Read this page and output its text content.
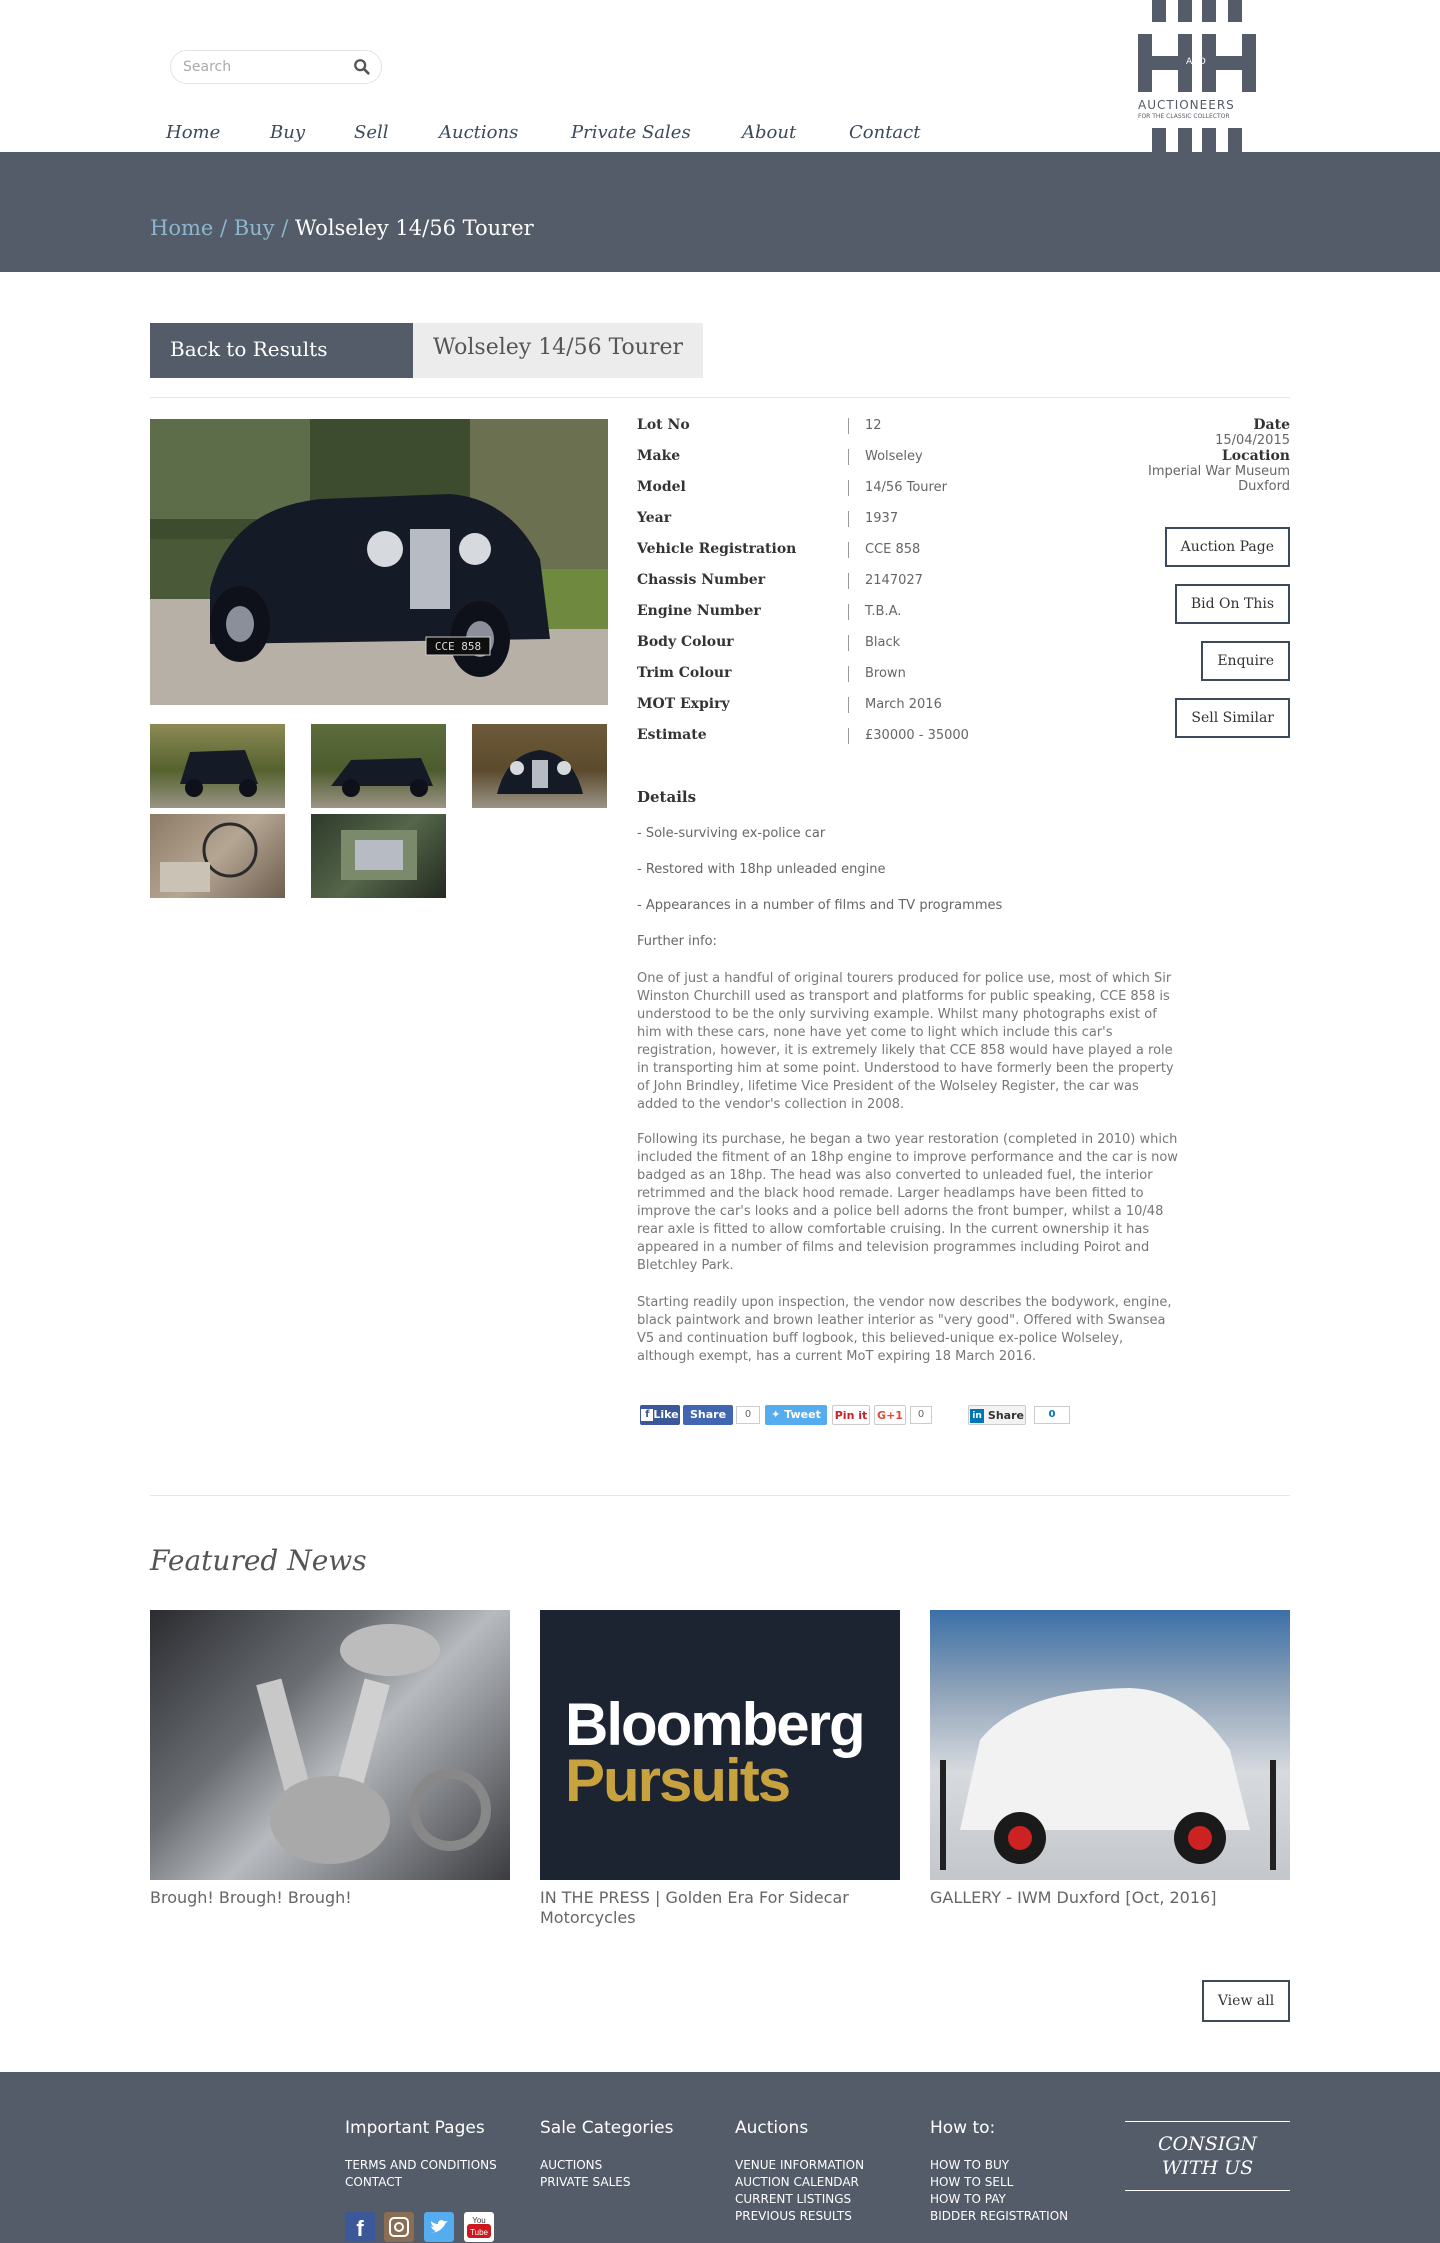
Search
Home	Buy	Sell	Auctions	Private Sales	About	Contact
AND
AUCTIONEERS
FOR THE CLASSIC COLLECTOR
Home / Buy / Wolseley 14/56 Tourer
Back to Results	Wolseley 14/56 Tourer
CCE 858
Lot No	12
Make	Wolseley
Model	14/56 Tourer
Year	1937
Vehicle Registration	CCE 858
Chassis Number	2147027
Engine Number	T.B.A.
Body Colour	Black
Trim Colour	Brown
MOT Expiry	March 2016
Estimate	£30000 - 35000
Date
15/04/2015
Location
Imperial War Museum
Duxford
Auction Page
Bid On This
Enquire
Sell Similar
Details
- Sole-surviving ex-police car
- Restored with 18hp unleaded engine
- Appearances in a number of films and TV programmes
Further info:
One of just a handful of original tourers produced for police use, most of which Sir Winston Churchill used as transport and platforms for public speaking, CCE 858 is understood to be the only surviving example. Whilst many photographs exist of him with these cars, none have yet come to light which include this car's registration, however, it is extremely likely that CCE 858 would have played a role in transporting him at some point. Understood to have formerly been the property of John Brindley, lifetime Vice President of the Wolseley Register, the car was added to the vendor's collection in 2008.
Following its purchase, he began a two year restoration (completed in 2010) which included the fitment of an 18hp engine to improve performance and the car is now badged as an 18hp. The head was also converted to unleaded fuel, the interior retrimmed and the black hood remade. Larger headlamps have been fitted to improve the car's looks and a police bell adorns the front bumper, whilst a 10/48 rear axle is fitted to allow comfortable cruising. In the current ownership it has appeared in a number of films and television programmes including Poirot and Bletchley Park.
Starting readily upon inspection, the vendor now describes the bodywork, engine, black paintwork and brown leather interior as "very good". Offered with Swansea V5 and continuation buff logbook, this believed-unique ex-police Wolseley, although exempt, has a current MoT expiring 18 March 2016.
f Like	Share	0	✦ Tweet	Pin it G+1	0	in Share	0
Featured News
Bloomberg
Pursuits
Brough! Brough! Brough!	IN THE PRESS | Golden Era For Sidecar Motorcycles
GALLERY - IWM Duxford [Oct, 2016]
View all
Important Pages
TERMS AND CONDITIONS
CONTACT
Sale Categories
AUCTIONS
PRIVATE SALES
Auctions
VENUE INFORMATION
AUCTION CALENDAR
CURRENT LISTINGS
PREVIOUS RESULTS
How to:
HOW TO BUY
HOW TO SELL
HOW TO PAY
BIDDER REGISTRATION
CONSIGN
WITH US
f	You
Tube
